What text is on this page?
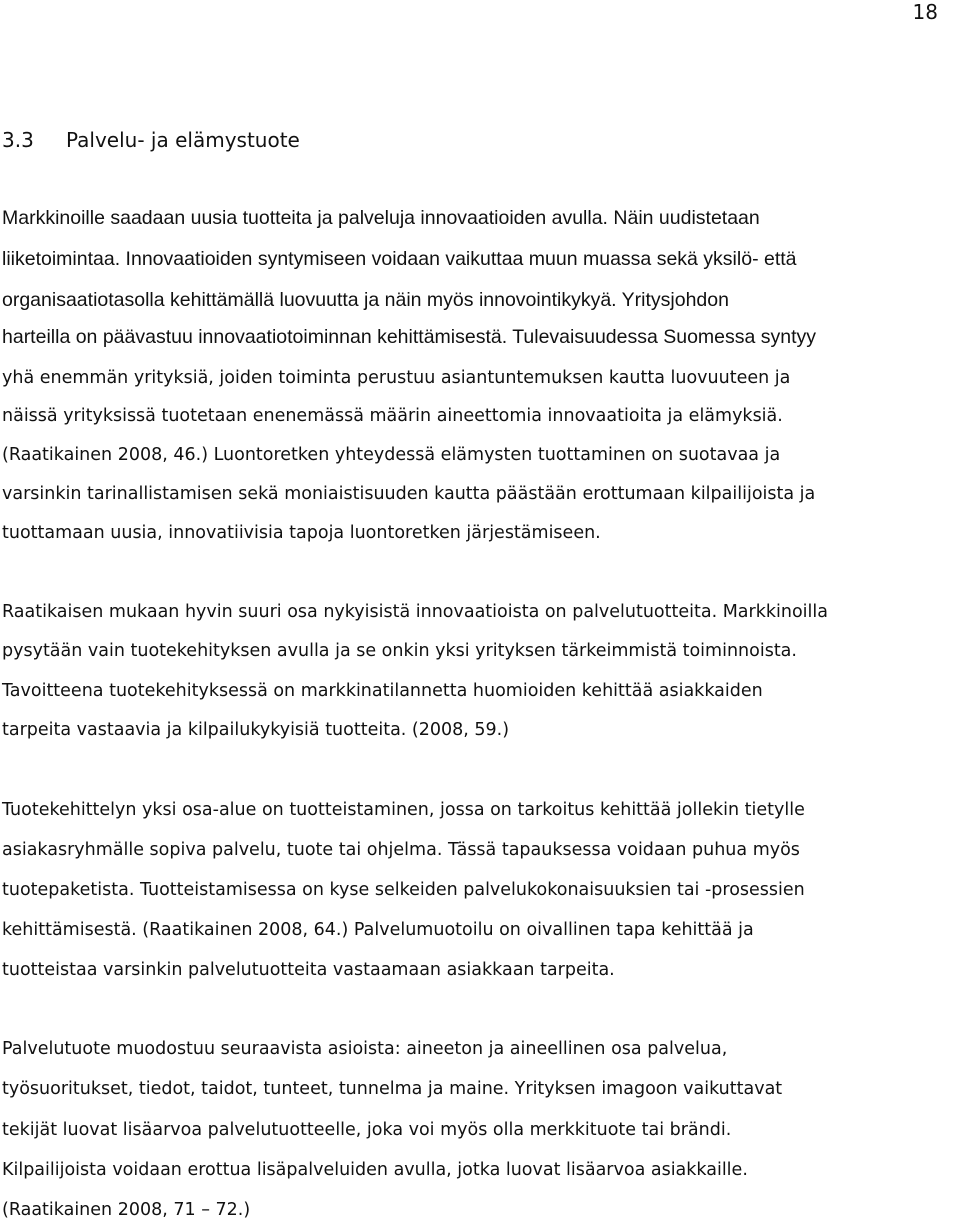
18
3.3 Palvelu- ja elämystuote
Markkinoille saadaan uusia tuotteita ja palveluja innovaatioiden avulla. Näin uudistetaan
liiketoimintaa. Innovaatioiden syntymiseen voidaan vaikuttaa muun muassa sekä yksilö- että
organisaatiotasolla kehittämällä luovuutta ja näin myös innovointikykyä. Yritysjohdon
harteilla on päävastuu innovaatiotoiminnan kehittämisestä. Tulevaisuudessa Suomessa syntyy
yhä enemmän yrityksiä, joiden toiminta perustuu asiantuntemuksen kautta luovuuteen ja
näissä yrityksissä tuotetaan enenemässä määrin aineettomia innovaatioita ja elämyksiä.
(Raatikainen 2008, 46.) Luontoretken yhteydessä elämysten tuottaminen on suotavaa ja
varsinkin tarinallistamisen sekä moniaistisuuden kautta päästään erottumaan kilpailijoista ja
tuottamaan uusia, innovatiivisia tapoja luontoretken järjestämiseen.
Raatikaisen mukaan hyvin suuri osa nykyisistä innovaatioista on palvelutuotteita. Markkinoilla
pysytään vain tuotekehityksen avulla ja se onkin yksi yrityksen tärkeimmistä toiminnoista.
Tavoitteena tuotekehityksessä on markkinatilannetta huomioiden kehittää asiakkaiden
tarpeita vastaavia ja kilpailukykyisiä tuotteita. (2008, 59.)
Tuotekehittelyn yksi osa-alue on tuotteistaminen, jossa on tarkoitus kehittää jollekin tietylle
asiakasryhmälle sopiva palvelu, tuote tai ohjelma. Tässä tapauksessa voidaan puhua myös
tuotepaketista. Tuotteistamisessa on kyse selkeiden palvelukokonaisuuksien tai -prosessien
kehittämisestä. (Raatikainen 2008, 64.) Palvelumuotoilu on oivallinen tapa kehittää ja
tuotteistaa varsinkin palvelutuotteita vastaamaan asiakkaan tarpeita.
Palvelutuote muodostuu seuraavista asioista: aineeton ja aineellinen osa palvelua,
työsuoritukset, tiedot, taidot, tunteet, tunnelma ja maine. Yrityksen imagoon vaikuttavat
tekijät luovat lisäarvoa palvelutuotteelle, joka voi myös olla merkkituote tai brändi.
Kilpailijoista voidaan erottua lisäpalveluiden avulla, jotka luovat lisäarvoa asiakkaille.
(Raatikainen 2008, 71 – 72.)
